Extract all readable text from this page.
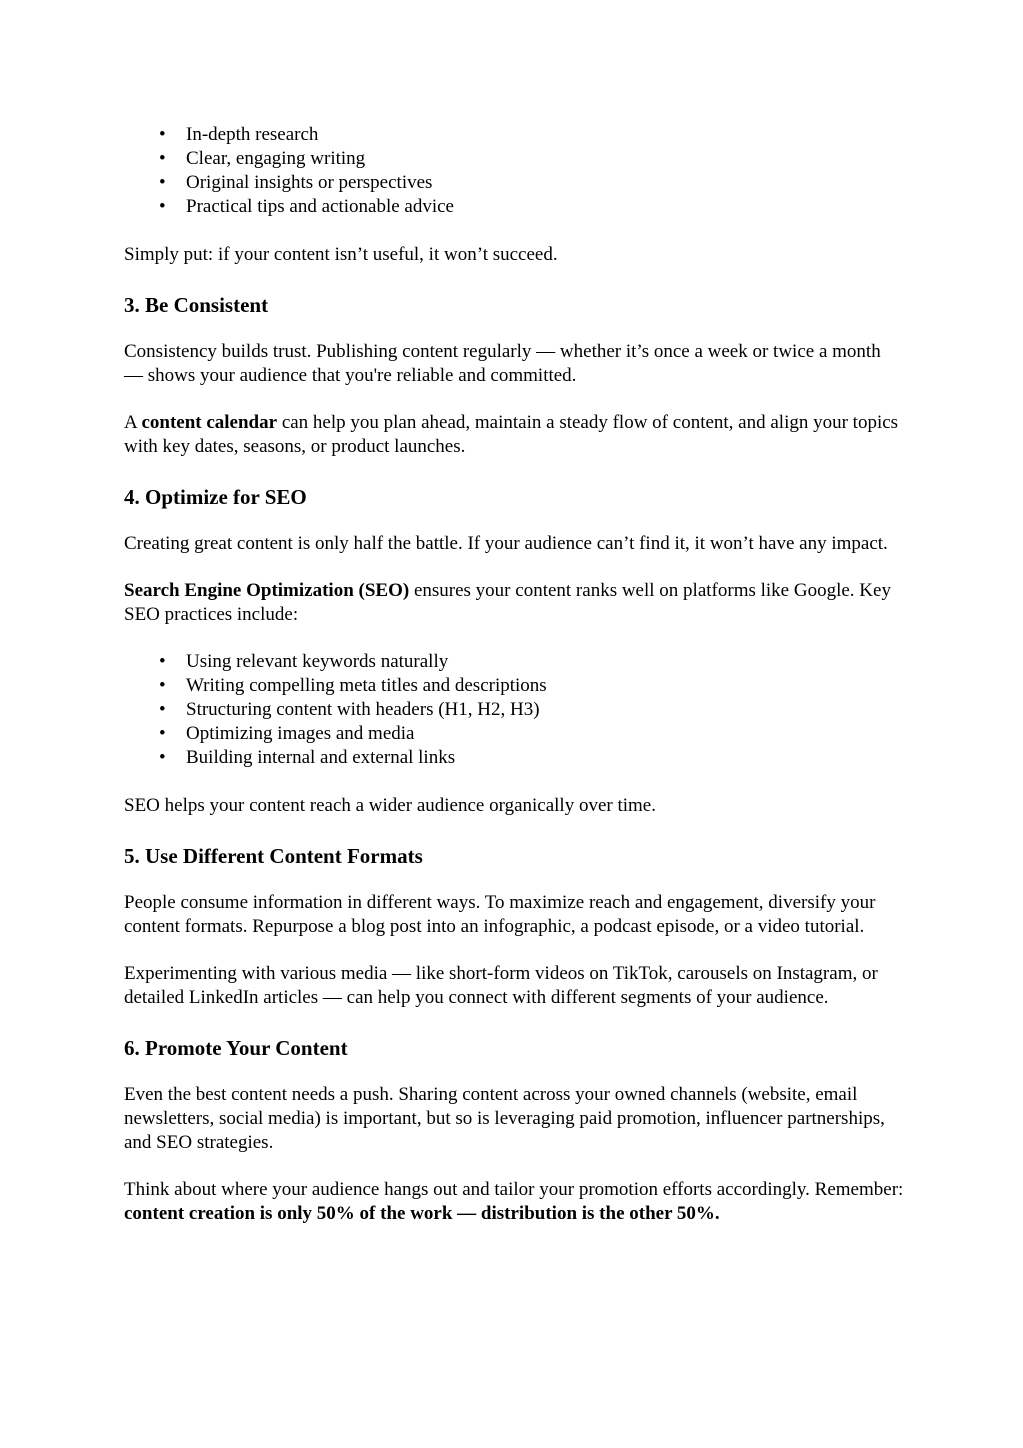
• In-depth research
• Clear, engaging writing
• Original insights or perspectives
• Practical tips and actionable advice

Simply put: if your content isn’t useful, it won’t succeed.

3. Be Consistent

Consistency builds trust. Publishing content regularly — whether it’s once a week or twice a month — shows your audience that you're reliable and committed.

A content calendar can help you plan ahead, maintain a steady flow of content, and align your topics with key dates, seasons, or product launches.

4. Optimize for SEO

Creating great content is only half the battle. If your audience can’t find it, it won’t have any impact.

Search Engine Optimization (SEO) ensures your content ranks well on platforms like Google. Key SEO practices include:

• Using relevant keywords naturally
• Writing compelling meta titles and descriptions
• Structuring content with headers (H1, H2, H3)
• Optimizing images and media
• Building internal and external links

SEO helps your content reach a wider audience organically over time.

5. Use Different Content Formats

People consume information in different ways. To maximize reach and engagement, diversify your content formats. Repurpose a blog post into an infographic, a podcast episode, or a video tutorial.

Experimenting with various media — like short-form videos on TikTok, carousels on Instagram, or detailed LinkedIn articles — can help you connect with different segments of your audience.

6. Promote Your Content

Even the best content needs a push. Sharing content across your owned channels (website, email newsletters, social media) is important, but so is leveraging paid promotion, influencer partnerships, and SEO strategies.

Think about where your audience hangs out and tailor your promotion efforts accordingly. Remember: content creation is only 50% of the work — distribution is the other 50%.
